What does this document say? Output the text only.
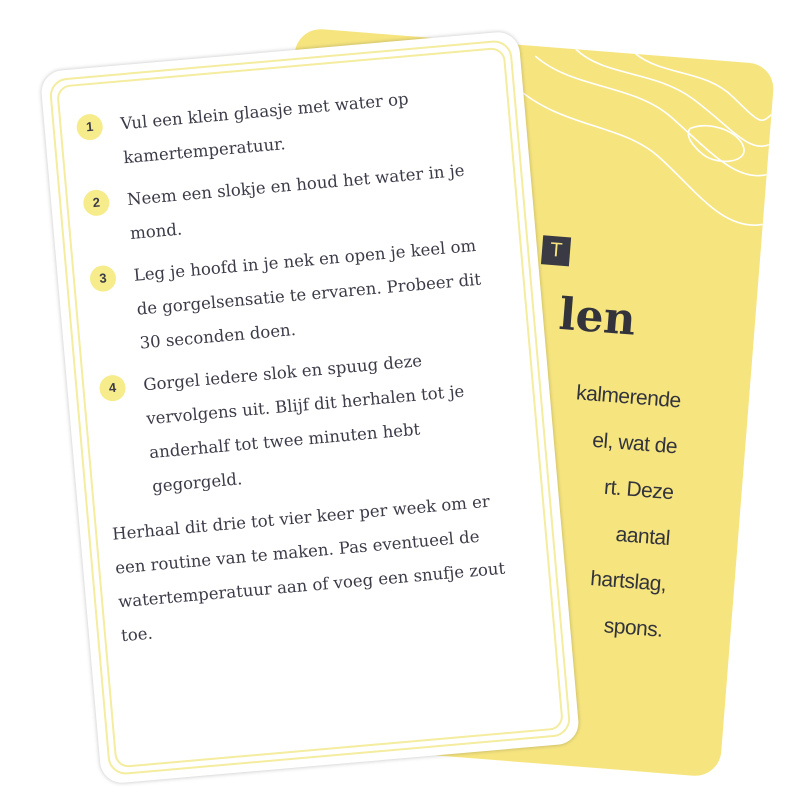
T
len
kalmerende
el, wat de
rt. Deze
aantal
hartslag,
spons.
1	Vul een klein glaasje met water op kamertemperatuur.
2	Neem een slokje en houd het water in je mond.
3	Leg je hoofd in je nek en open je keel om de gorgelsensatie te ervaren. Probeer dit 30 seconden doen.
4	Gorgel iedere slok en spuug deze vervolgens uit. Blijf dit herhalen tot je anderhalf tot twee minuten hebt gegorgeld.
Herhaal dit drie tot vier keer per week om er een routine van te maken. Pas eventueel de watertemperatuur aan of voeg een snufje zout toe.
